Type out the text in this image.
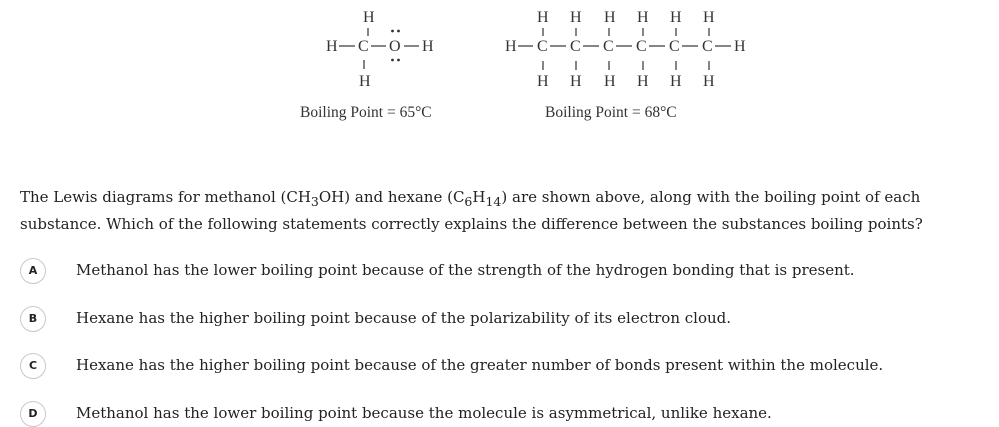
H
H C O H
H
H H H H H H
H C C C C C C H
H H H H H H
Boiling Point = 65°C	Boiling Point = 68°C
The Lewis diagrams for methanol $(CH_3OH)$ and hexane $(C_6H_{14})$ are shown above, along with the boiling point of each substance. Which of the following statements correctly explains the difference between the substances boiling points?
A	Methanol has the lower boiling point because of the strength of the hydrogen bonding that is present.
B	Hexane has the higher boiling point because of the polarizability of its electron cloud.
C	Hexane has the higher boiling point because of the greater number of bonds present within the molecule.
D	Methanol has the lower boiling point because the molecule is asymmetrical, unlike hexane.
